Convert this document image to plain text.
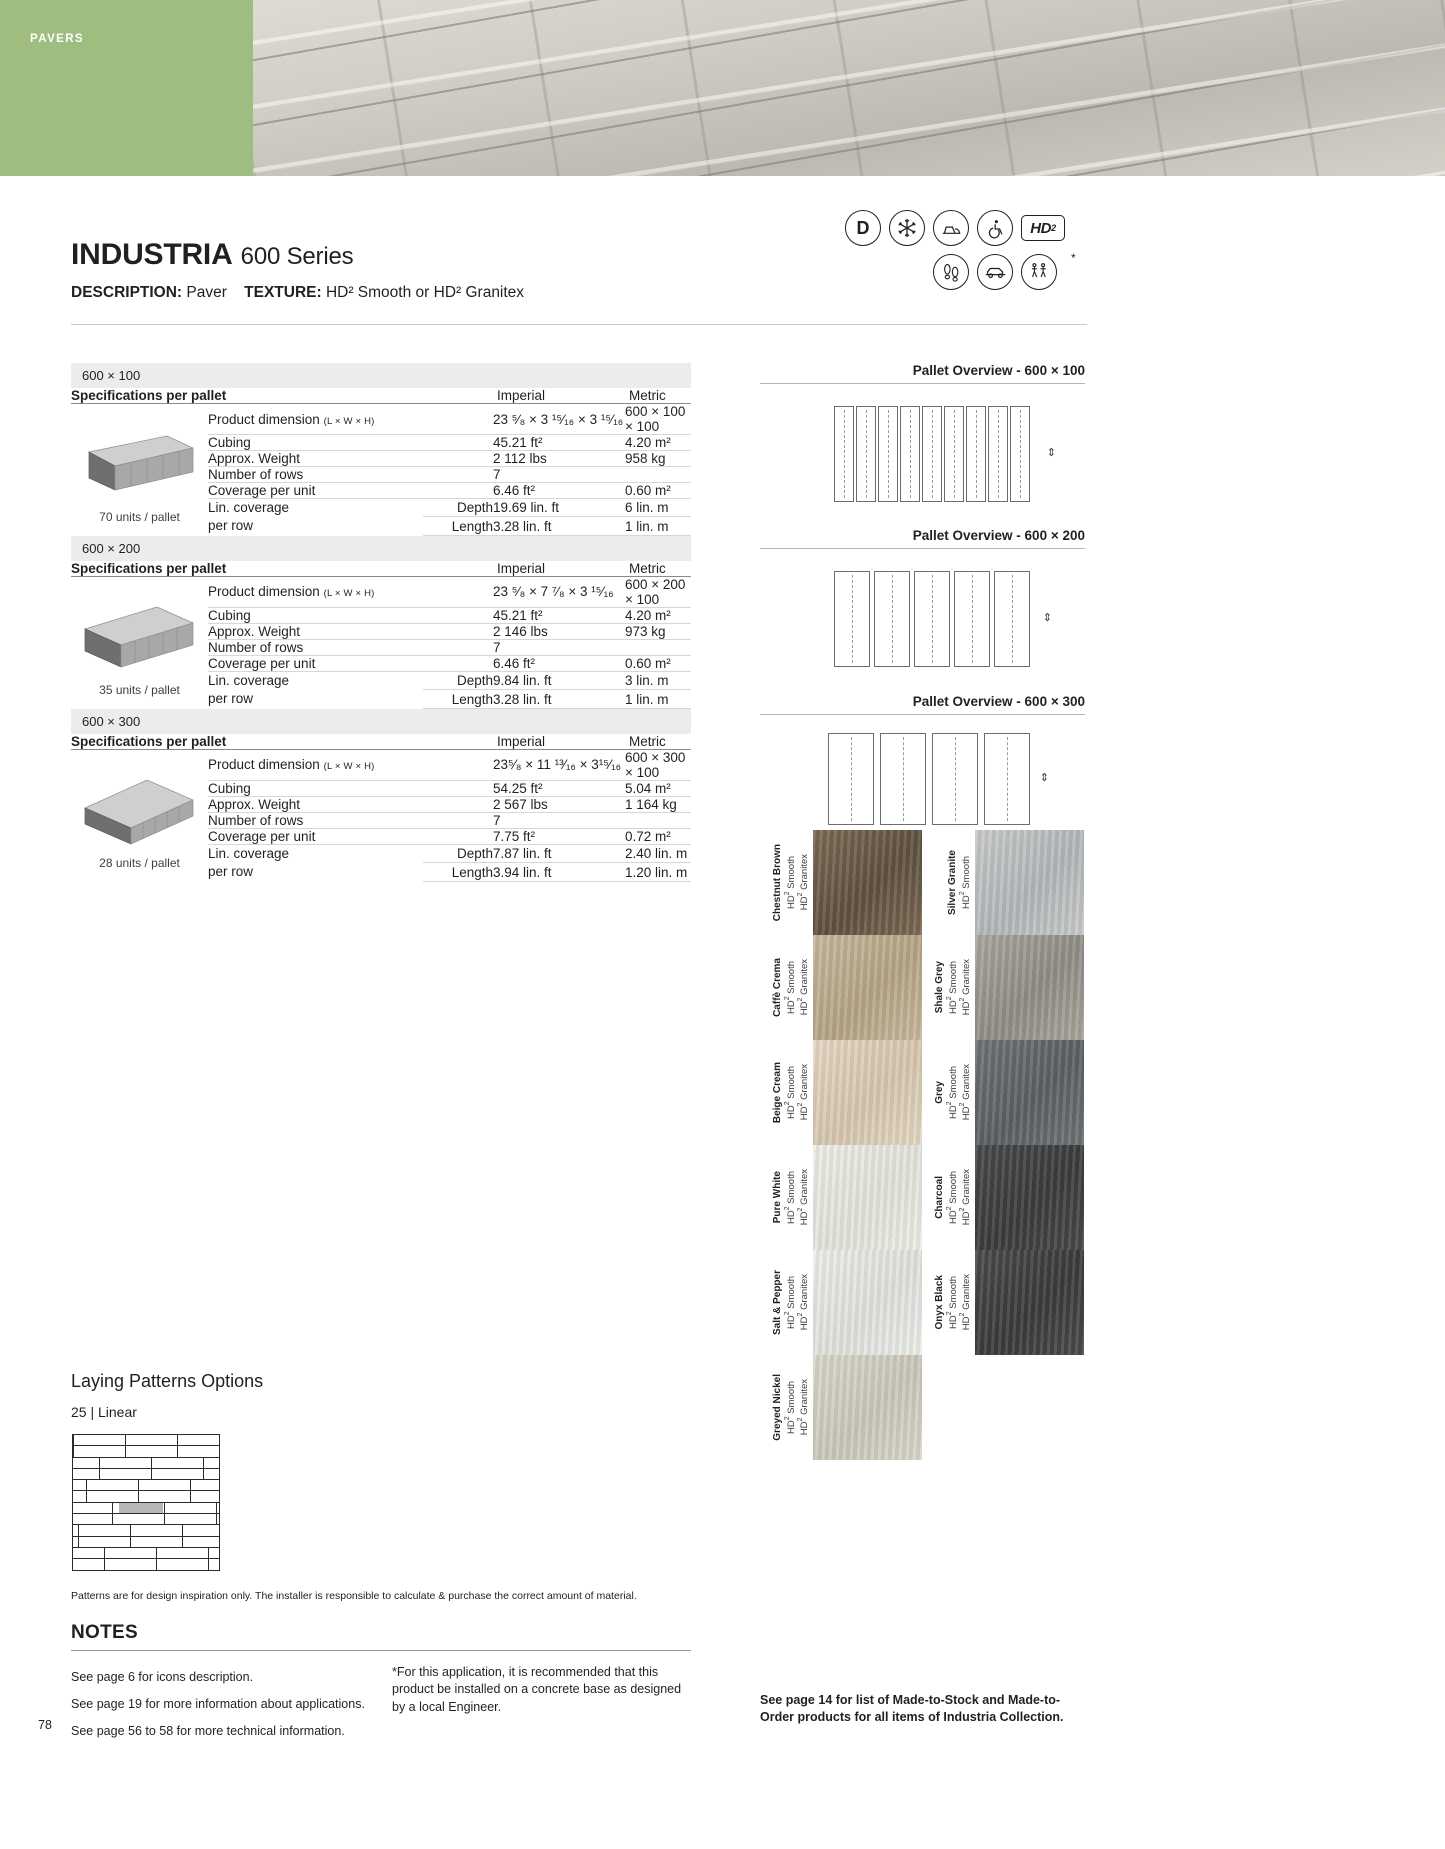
PAVERS
INDUSTRIA 600 Series
DESCRIPTION: Paver TEXTURE: HD² Smooth or HD² Granitex
D	HD 2
*
600 × 100
Specifications per pallet			Imperial	Metric

70 units / pallet	Product dimension (L × W × H)		23 ⁵⁄₈ × 3 ¹⁵⁄₁₆ × 3 ¹⁵⁄₁₆	600 × 100 × 100
	Cubing		45.21 ft²	4.20 m²
	Approx. Weight		2 112 lbs	958 kg
	Number of rows		7	
	Coverage per unit		6.46 ft²	0.60 m²
	Lin. coverage
per row	Depth	19.69 lin. ft	6 lin. m
		Length	3.28 lin. ft	1 lin. m
600 × 200
Specifications per pallet			Imperial	Metric

35 units / pallet	Product dimension (L × W × H)		23 ⁵⁄₈ × 7 ⁷⁄₈ × 3 ¹⁵⁄₁₆	600 × 200 × 100
	Cubing		45.21 ft²	4.20 m²
	Approx. Weight		2 146 lbs	973 kg
	Number of rows		7	
	Coverage per unit		6.46 ft²	0.60 m²
	Lin. coverage
per row	Depth	9.84 lin. ft	3 lin. m
		Length	3.28 lin. ft	1 lin. m
600 × 300
Specifications per pallet			Imperial	Metric

28 units / pallet	Product dimension (L × W × H)		23⁵⁄₈ × 11 ¹³⁄₁₆ × 3¹⁵⁄₁₆	600 × 300 × 100
	Cubing		54.25 ft²	5.04 m²
	Approx. Weight		2 567 lbs	1 164 kg
	Number of rows		7	
	Coverage per unit		7.75 ft²	0.72 m²
	Lin. coverage
per row	Depth	7.87 lin. ft	2.40 lin. m
		Length	3.94 lin. ft	1.20 lin. m
Laying Patterns Options
25 | Linear
Patterns are for design inspiration only. The installer is responsible to calculate & purchase the correct amount of material.
NOTES
See page 6 for icons description.
See page 19 for more information about applications.
See page 56 to 58 for more technical information.
*For this application, it is recommended that this product be installed on a concrete base as designed by a local Engineer.
78
Pallet Overview - 600 × 100
⇕
Pallet Overview - 600 × 200
⇕
Pallet Overview - 600 × 300
⇕
Chestnut Brown $HD^2$ Smooth
$HD^2$ Granitex	Silver Granite $HD^2$ Smooth
Caffè Crema $HD^2$ Smooth
$HD^2$ Granitex	Shale Grey $HD^2$ Smooth
$HD^2$ Granitex
Beige Cream $HD^2$ Smooth
$HD^2$ Granitex	Grey
$HD^2$ Smooth
$HD^2$ Granitex
Pure White $HD^2$ Smooth
$HD^2$ Granitex	Charcoal $HD^2$ Smooth
$HD^2$ Granitex
Salt & Pepper $HD^2$ Smooth
$HD^2$ Granitex	Onyx Black $HD^2$ Smooth
$HD^2$ Granitex
Greyed Nickel $HD^2$ Smooth
$HD^2$ Granitex
See page 14 for list of Made-to-Stock and Made-to-Order products for all items of Industria Collection.
